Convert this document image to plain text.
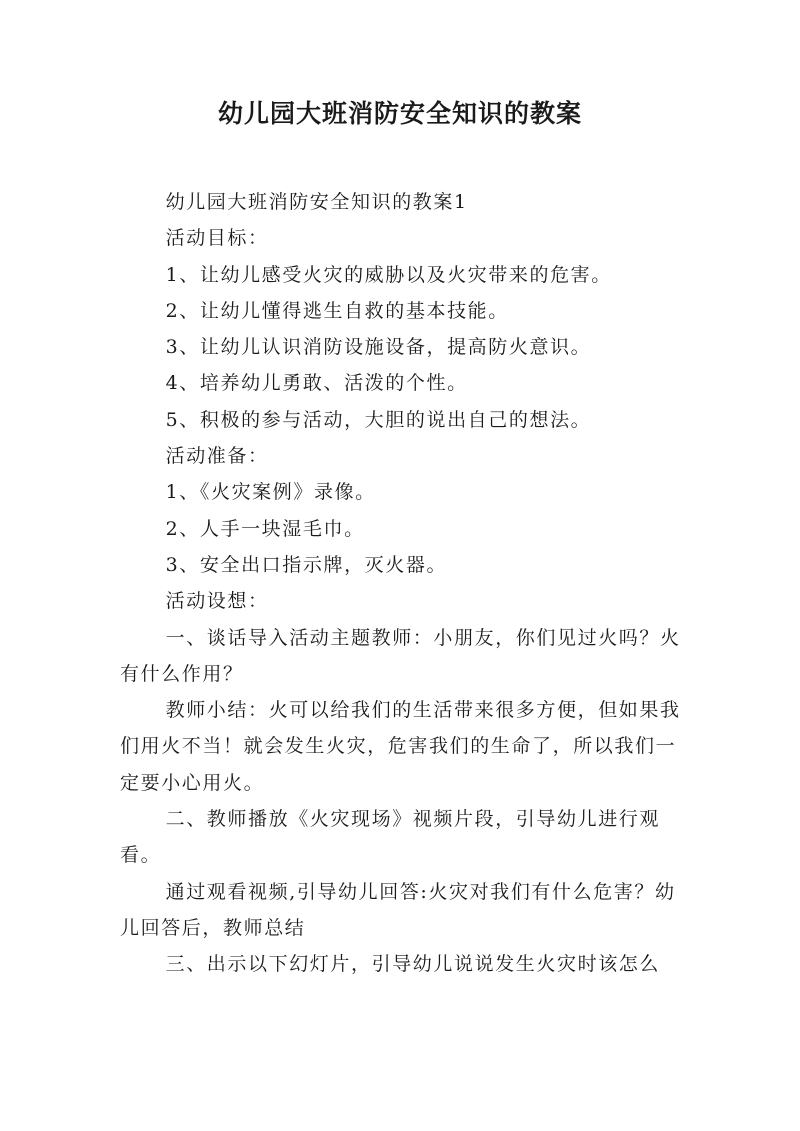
幼儿园大班消防安全知识的教案

幼儿园大班消防安全知识的教案1

活动目标：

1、让幼儿感受火灾的威胁以及火灾带来的危害。

2、让幼儿懂得逃生自救的基本技能。

3、让幼儿认识消防设施设备，提高防火意识。

4、培养幼儿勇敢、活泼的个性。

5、积极的参与活动，大胆的说出自己的想法。

活动准备：

1、《火灾案例》录像。

2、人手一块湿毛巾。

3、安全出口指示牌，灭火器。

活动设想：

一、谈话导入活动主题教师：小朋友，你们见过火吗？火有什么作用？

教师小结：火可以给我们的生活带来很多方便，但如果我们用火不当！就会发生火灾，危害我们的生命了，所以我们一定要小心用火。

二、教师播放《火灾现场》视频片段，引导幼儿进行观看。

通过观看视频,引导幼儿回答:火灾对我们有什么危害？幼儿回答后，教师总结

三、出示以下幻灯片，引导幼儿说说发生火灾时该怎么
